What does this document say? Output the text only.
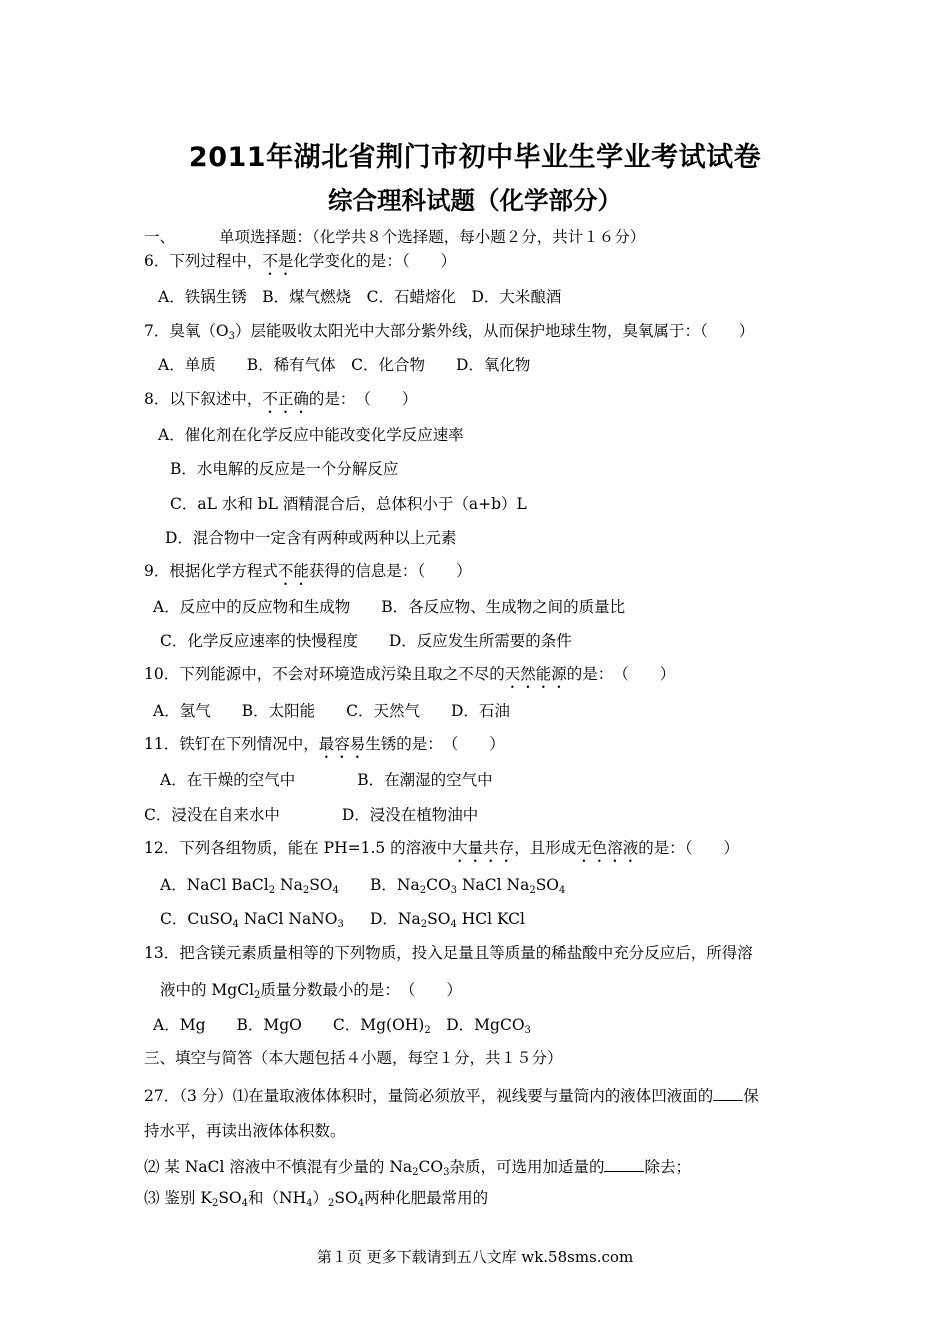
2011年湖北省荆门市初中毕业生学业考试试卷
综合理科试题（化学部分）
一、	单项选择题：（化学共８个选择题，每小题２分，共计１６分）
6．下列过程中，不是化学变化的是：（　　）
A．铁锅生锈　B．煤气燃烧　C．石蜡熔化　D．大米酿酒
7．臭氧$(O_3)$层能吸收太阳光中大部分紫外线，从而保护地球生物，臭氧属于：（　　）
A．单质　　B．稀有气体　C．化合物　　D．氧化物
8．以下叙述中，不正确的是：　（　　）
A．催化剂在化学反应中能改变化学反应速率
B．水电解的反应是一个分解反应
C．aL 水和 bL 酒精混合后，总体积小于（a+b）L
D．混合物中一定含有两种或两种以上元素
9．根据化学方程式不能获得的信息是：（　　）
A．反应中的反应物和生成物　　B．各反应物、生成物之间的质量比
C．化学反应速率的快慢程度　　D．反应发生所需要的条件
10．下列能源中，不会对环境造成污染且取之不尽的天然能源的是：　（　　）
A．氢气　　B．太阳能　　C．天然气　　D．石油
11．铁钉在下列情况中，最容易生锈的是：　（　　）
A．在干燥的空气中　　　　B．在潮湿的空气中
C．浸没在自来水中　　　　D．浸没在植物油中
12．下列各组物质，能在 PH=1.5 的溶液中大量共存，且形成无色溶液的是：（　　）
A．NaCl BaCl$_2$ $Na_2SO_4$ B．$Na_2CO_3$ NaCl $Na_2SO_4$
C．CuSO$_4$ NaCl NaNO$_3$ D．$Na_2SO_4$ HCl KCl
13．把含镁元素质量相等的下列物质，投入足量且等质量的稀盐酸中充分反应后，所得溶
液中的 MgCl$_2$质量分数最小的是：　（　　）
A．Mg　　B．MgO　　C．$Mg(OH)_2$　D．MgCO$_3$
三、填空与简答（本大题包括４小题，每空１分，共１５分）
27．（3 分）⑴在量取液体体积时，量筒必须放平，视线要与量筒内的液体凹液面的 保
持水平，再读出液体体积数。
⑵ 某 NaCl 溶液中不慎混有少量的 $Na_2CO_3$杂质，可选用加适量的	除去；
⑶ 鉴别 $K_2SO_4$和$(NH_4)_2SO_4$两种化肥最常用的
第１页 更多下载请到五八文库 wk.58sms.com
